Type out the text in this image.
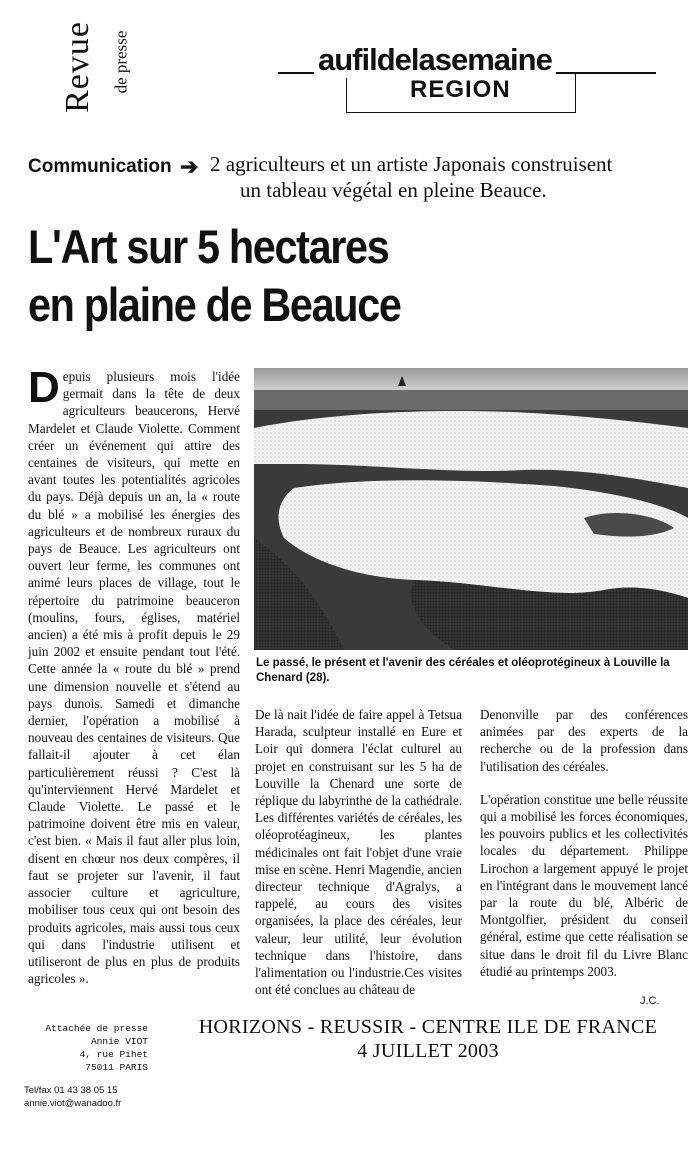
Revue de presse	aufildelasemaine
REGION
Communication ➔ 2 agriculteurs et un artiste Japonais construisent
un tableau végétal en pleine Beauce.
L'Art sur 5 hectares
en plaine de Beauce
Depuis plusieurs mois l'idée germait dans la tête de deux agriculteurs beaucerons, Hervé Mardelet et Claude Violette. Comment créer un événement qui attire des centaines de visiteurs, qui mette en avant toutes les potentialités agricoles du pays. Déjà depuis un an, la « route du blé » a mobilisé les énergies des agriculteurs et de nombreux ruraux du pays de Beauce. Les agriculteurs ont ouvert leur ferme, les communes ont animé leurs places de village, tout le répertoire du patrimoine beauceron (moulins, fours, églises, matériel ancien) a été mis à profit depuis le 29 juin 2002 et ensuite pendant tout l'été. Cette année la « route du blé » prend une dimension nouvelle et s'étend au pays dunois. Samedi et dimanche dernier, l'opération a mobilisé à nouveau des centaines de visiteurs. Que fallait-il ajouter à cet élan particulièrement réussi ? C'est là qu'interviennent Hervé Mardelet et Claude Violette. Le passé et le patrimoine doivent être mis en valeur, c'est bien. « Mais il faut aller plus loin, disent en chœur nos deux compères, il faut se projeter sur l'avenir, il faut associer culture et agriculture, mobiliser tous ceux qui ont besoin des produits agricoles, mais aussi tous ceux qui dans l'industrie utilisent et utiliseront de plus en plus de produits agricoles ».
Le passé, le présent et l'avenir des céréales et oléoprotégineux à Louville la Chenard (28).
De là nait l'idée de faire appel à Tetsua Harada, sculpteur installé en Eure et Loir qui donnera l'éclat culturel au projet en construisant sur les 5 ha de Louville la Chenard une sorte de réplique du labyrinthe de la cathédrale. Les différentes variétés de céréales, les oléoprotéagineux, les plantes médicinales ont fait l'objet d'une vraie mise en scène. Henri Magendie, ancien directeur technique d'Agralys, a rappelé, au cours des visites organisées, la place des céréales, leur valeur, leur utilité, leur évolution technique dans l'histoire, dans l'alimentation ou l'industrie.Ces visites ont été conclues au château de

Denonville par des conférences animées par des experts de la recherche ou de la profession dans l'utilisation des céréales.

L'opération constitue une belle réussite qui a mobilisé les forces économiques, les pouvoirs publics et les collectivités locales du département. Philippe Lirochon a largement appuyé le projet en l'intégrant dans le mouvement lancé par la route du blé, Albéric de Montgolfier, président du conseil général, estime que cette réalisation se situe dans le droit fil du Livre Blanc étudié au printemps 2003.

J.C.
Attachée de presse
Annie VIOT
4, rue Pihet
75011 PARIS
Tel/fax 01 43 38 05 15
annie.viot@wanadoo.fr
HORIZONS - REUSSIR - CENTRE ILE DE FRANCE
4 JUILLET 2003
